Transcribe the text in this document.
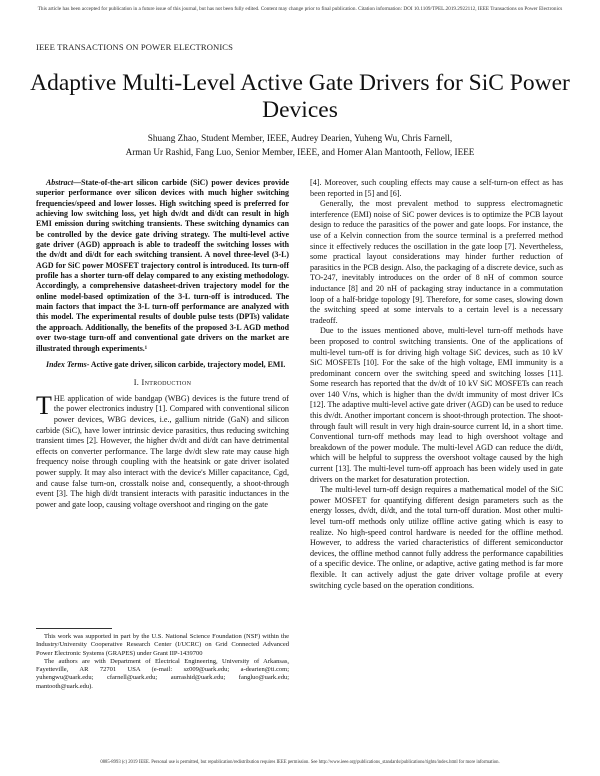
This article has been accepted for publication in a future issue of this journal, but has not been fully edited. Content may change prior to final publication. Citation information: DOI 10.1109/TPEL.2019.2922112, IEEE Transactions on Power Electronics
IEEE TRANSACTIONS ON POWER ELECTRONICS
Adaptive Multi-Level Active Gate Drivers for SiC Power Devices

Shuang Zhao, Student Member, IEEE, Audrey Dearien, Yuheng Wu, Chris Farnell,

Arman Ur Rashid, Fang Luo, Senior Member, IEEE, and Homer Alan Mantooth, Fellow, IEEE

Abstract—State-of-the-art silicon carbide (SiC) power devices provide superior performance over silicon devices with much higher switching frequencies/speed and lower losses. High switching speed is preferred for achieving low switching loss, yet high dv/dt and di/dt can result in high EMI emission during switching transients. These switching dynamics can be controlled by the device gate driving strategy. The multi-level active gate driver (AGD) approach is able to tradeoff the switching losses with the dv/dt and di/dt for each switching transient. A novel three-level (3-L) AGD for SiC power MOSFET trajectory control is introduced. Its turn-off profile has a shorter turn-off delay compared to any existing methodology. Accordingly, a comprehensive datasheet-driven trajectory model for the online model-based optimization of the 3-L turn-off is introduced. The main factors that impact the 3-L turn-off performance are analyzed with this model. The experimental results of double pulse tests (DPTs) validate the approach. Additionally, the benefits of the proposed 3-L AGD method over two-stage turn-off and conventional gate drivers on the market are illustrated through experiments.¹

Index Terms- Active gate driver, silicon carbide, trajectory model, EMI.

I. Introduction

THE application of wide bandgap (WBG) devices is the future trend of the power electronics industry [1]. Compared with conventional silicon power devices, WBG devices, i.e., gallium nitride (GaN) and silicon carbide (SiC), have lower intrinsic device parasitics, thus reducing switching transient times [2]. However, the higher dv/dt and di/dt can have detrimental effects on converter performance. The large dv/dt slew rate may cause high frequency noise through coupling with the heatsink or gate driver isolated power supply. It may also interact with the device's Miller capacitance, Cgd, and cause false turn-on, crosstalk noise and, consequently, a shoot-through event [3]. The high di/dt transient interacts with parasitic inductances in the power and gate loop, causing voltage overshoot and ringing on the gate

This work was supported in part by the U.S. National Science Foundation (NSF) within the Industry/University Cooperative Research Center (I/UCRC) on Grid Connected Advanced Power Electronic Systems (GRAPES) under Grant IIP-1439700

The authors are with Department of Electrical Engineering, University of Arkansas, Fayetteville, AR 72701 USA (e-mail: sz009@uark.edu; a-dearien@ti.com; yuhengwu@uark.edu; cfarnell@uark.edu; aurrashid@uark.edu; fangluo@uark.edu; mantooth@uark.edu).

[4]. Moreover, such coupling effects may cause a self-turn-on effect as has been reported in [5] and [6].

Generally, the most prevalent method to suppress electromagnetic interference (EMI) noise of SiC power devices is to optimize the PCB layout design to reduce the parasitics of the power and gate loops. For instance, the use of a Kelvin connection from the source terminal is a preferred method since it effectively reduces the oscillation in the gate loop [7]. Nevertheless, some practical layout considerations may hinder further reduction of parasitics in the PCB design. Also, the packaging of a discrete device, such as TO-247, inevitably introduces on the order of 8 nH of common source inductance [8] and 20 nH of packaging stray inductance in a commutation loop of a half-bridge topology [9]. Therefore, for some cases, slowing down the switching speed at some intervals to a certain level is a necessary tradeoff.

Due to the issues mentioned above, multi-level turn-off methods have been proposed to control switching transients. One of the applications of multi-level turn-off is for driving high voltage SiC devices, such as 10 kV SiC MOSFETs [10]. For the sake of the high voltage, EMI immunity is a predominant concern over the switching speed and switching losses [11]. Some research has reported that the dv/dt of 10 kV SiC MOSFETs can reach over 140 V/ns, which is higher than the dv/dt immunity of most driver ICs [12]. The adaptive multi-level active gate driver (AGD) can be used to reduce this dv/dt. Another important concern is shoot-through protection. The shoot-through fault will result in very high drain-source current Id, in a short time. Conventional turn-off methods may lead to high overshoot voltage and breakdown of the power module. The multi-level AGD can reduce the di/dt, which will be helpful to suppress the overshoot voltage caused by the high current [13]. The multi-level turn-off approach has been widely used in gate drivers on the market for desaturation protection.

The multi-level turn-off design requires a mathematical model of the SiC power MOSFET for quantifying different design parameters such as the energy losses, dv/dt, di/dt, and the total turn-off duration. Most other multi-level turn-off methods only utilize offline active gating which is easy to realize. No high-speed control hardware is needed for the offline method. However, to address the varied characteristics of different semiconductor devices, the offline method cannot fully address the performance capabilities of a specific device. The online, or adaptive, active gating method is far more flexible. It can actively adjust the gate driver voltage profile at every switching cycle based on the operation conditions.

0885-8993 (c) 2019 IEEE. Personal use is permitted, but republication/redistribution requires IEEE permission. See http://www.ieee.org/publications_standards/publications/rights/index.html for more information.
